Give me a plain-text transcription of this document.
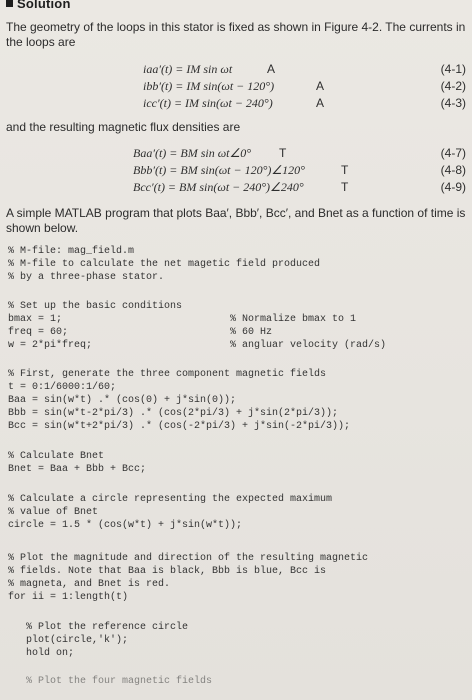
Solution
The geometry of the loops in this stator is fixed as shown in Figure 4-2. The currents in the loops are
iaa′(t) = IM sin ωt	A	(4-1)
ibb′(t) = IM sin(ωt − 120°)	A	(4-2)
icc′(t) = IM sin(ωt − 240°)	A	(4-3)
and the resulting magnetic flux densities are
Baa′(t) = BM sin ωt∠0° T	(4-7)
Bbb′(t) = BM sin(ωt − 120°)∠120°	T	(4-8)
Bcc′(t) = BM sin(ωt − 240°)∠240°	T	(4-9)
A simple MATLAB program that plots Baa′, Bbb′, Bcc′, and Bnet as a function of time is shown below.
% M-file: mag_field.m
% M-file to calculate the net magetic field produced
% by a three-phase stator.
% Set up the basic conditions
bmax = 1;
freq = 60;
w = 2*pi*freq;
% Normalize bmax to 1
% 60 Hz
% angluar velocity (rad/s)
% First, generate the three component magnetic fields
t = 0:1/6000:1/60;
Baa = sin(w*t) .* (cos(0) + j*sin(0));
Bbb = sin(w*t-2*pi/3) .* (cos(2*pi/3) + j*sin(2*pi/3));
Bcc = sin(w*t+2*pi/3) .* (cos(-2*pi/3) + j*sin(-2*pi/3));
% Calculate Bnet
Bnet = Baa + Bbb + Bcc;
% Calculate a circle representing the expected maximum
% value of Bnet
circle = 1.5 * (cos(w*t) + j*sin(w*t));
% Plot the magnitude and direction of the resulting magnetic
% fields. Note that Baa is black, Bbb is blue, Bcc is
% magneta, and Bnet is red.
for ii = 1:length(t)
% Plot the reference circle
plot(circle,'k');
hold on;
% Plot the four magnetic fields
